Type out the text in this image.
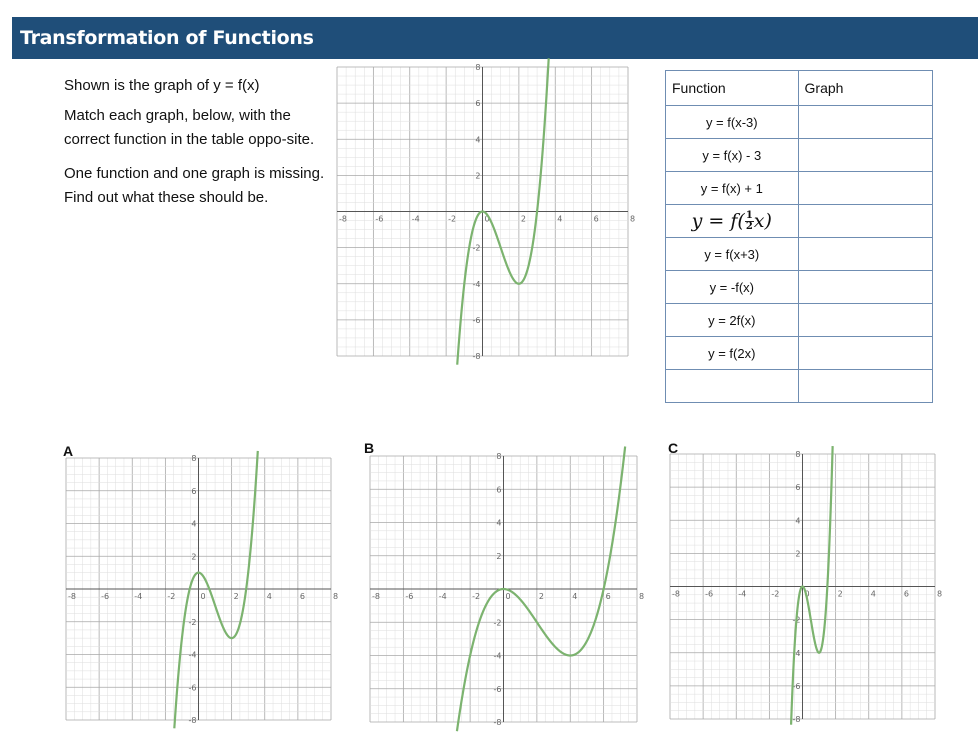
Transformation of Functions

Shown is the graph of y = f(x)

Match each graph, below, with the correct function in the table oppo-site.

One function and one graph is missing. Find out what these should be.

-8	-6	-4	-2	0	2	4	6	8
8
6
4
2
-2
-4
-6
-8
Function	Graph
y = f(x-3)	
y = f(x) - 3	
y = f(x) + 1	
$y = f( \frac{1}{2} x)$	
y = f(x+3)	
y = -f(x)	
y = 2f(x)	
y = f(2x)	

A	B	C
-8	-6	-4	-2	0	2	4	6	8
8
6
4
2
-2
-4
-6
-8
-8	-6	-4	-2	0	2	4	6	8
8
6
4
2
-2
-4
-6
-8
-8	-6	-4	-2	0	2	4	6	8
8
6
4
2
-2
-4
-6
-8
